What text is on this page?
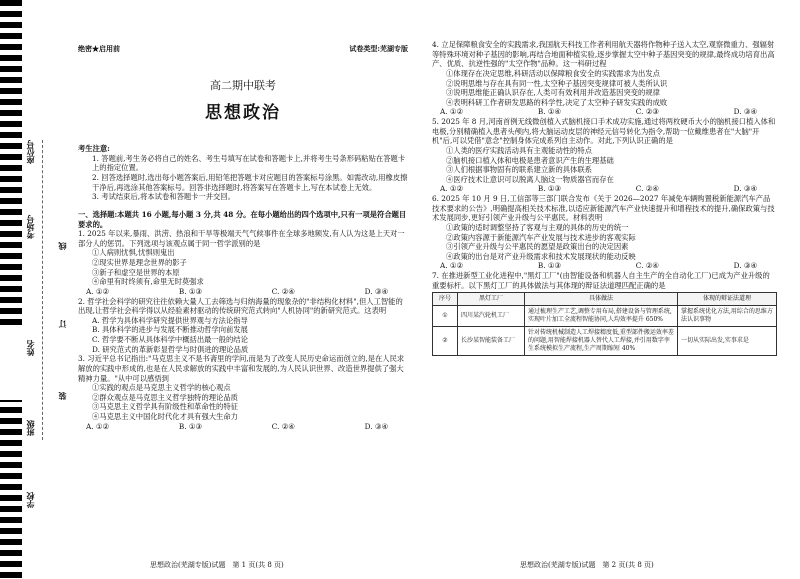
座位号
考场号
线
订
装
姓名
班级
学校
绝密★启用前	试卷类型:芜湖专版
高二期中联考
思想政治

考生注意:

1. 答题前,考生务必将自己的姓名、考生号填写在试卷和答题卡上,并将考生号条形码粘贴在答题卡上的指定位置。

2. 回答选择题时,选出每小题答案后,用铅笔把答题卡对应题目的答案标号涂黑。如需改动,用橡皮擦干净后,再选涂其他答案标号。回答非选择题时,将答案写在答题卡上,写在本试卷上无效。

3. 考试结束后,将本试卷和答题卡一并交回。

一、选择题:本题共 16 小题,每小题 3 分,共 48 分。在每小题给出的四个选项中,只有一项是符合题目要求的。

1. 2025 年以来,暴雨、洪涝、热浪和干旱等极端天气气候事件在全球多地频发,有人认为这是上天对一部分人的惩罚。下列选项与该观点属于同一哲学派别的是

①人病则忧惧,忧惧则鬼出

②现实世界是理念世界的影子

③新子和虚空是世界的本原

④命里有时终须有,命里无时莫强求

A. ①②	B. ①③	C. ②④	D. ③④

2. 哲学社会科学的研究往往依赖大量人工去筛选与归纳海量的现象杂的"非结构化材料",但人工智能的出现,让哲学社会科学得以从经验素材驱动的传统研究范式转向"人机协同"的新研究范式。这表明

A. 哲学为具体科学研究提供世界观与方法论指导

B. 具体科学的进步与发展不断推动哲学向前发展

C. 哲学要不断从具体科学中概括出最一般的结论

D. 研究范式的革新彰显哲学与时俱进的理论品质

3. 习近平总书记指出:"马克思主义不是书斋里的学问,而是为了改变人民历史命运而创立的,是在人民求解放的实践中形成的,也是在人民求解放的实践中丰富和发展的,为人民认识世界、改造世界提供了强大精神力量。"从中可以感悟到

①实践的观点是马克思主义哲学的核心观点

②群众观点是马克思主义哲学独特的理论品质

③马克思主义哲学具有阶级性和革命性的特征

④马克思主义中国化时代化才具有强大生命力

A. ①②	B. ①③	C. ②④	D. ③④

4. 立足保障粮食安全的实践需求,我国航天科技工作者利用航天器将作物种子送入太空,观察微重力、强辐射等特殊环境对种子基因的影响,再结合地面种植实验,逐步掌握太空中种子基因突变的规律,最终成功培育出高产、优质、抗逆性强的"太空作物"品种。这一科研过程

①体现存在决定思维,科研活动以保障粮食安全的实践需求为出发点

②说明思维与存在具有同一性,太空种子基因突变规律可被人类所认识

③说明思维能正确认识存在,人类可有效利用并改造基因突变的规律

④表明科研工作者研发思路的科学性,决定了太空种子研发实践的成败

A. ①②	B. ①④	C. ②③	D. ③④

5. 2025 年 8 月,河南首例无线微创植入式脑机接口手术成功实施,通过将两枚硬币大小的脑机接口植入体和电极,分别精确植入患者头颅内,将大脑运动皮层的神经元信号转化为指令,帮助一位戴维患者在"大脑"开机"后,可以凭借"意念"控制身体完成系列自主动作。对此,下列认识正确的是

①人类的医疗实践活动具有主观能动性的特点

②脑机接口植入体和电极是患者意识产生的生理基础

③人们根据事物固有的联系建立新的具体联系

④医疗技术让意识可以脱离人脑这一物质器官而存在

A. ①②	B. ①③	C. ②④	D. ③④

6. 2025 年 10 月 9 日,工信部等三部门联合发布《关于 2026—2027 年减免车辆购置税新能源汽车产品技术要求的公告》,明确提高相关技术标准,以适应新能源汽车产业快速提升和增程技术的提升,确保政策与技术发展同步,更好引领产业升级与公平惠民。材料表明

①政策的适时调整坚持了客观与主观的具体的历史的统一

②政策内容源于新能源汽车产业发展与技术进步的客观实际

③引领产业升级与公平惠民的愿望是政策出台的决定因素

④政策的出台是对产业升级需求和技术发展现状的能动反映

A. ①②	B. ①③	C. ②④	D. ③④

7. 在推进新型工业化进程中,"黑灯工厂"(由智能设备和机器人自主生产的全自动化工厂)已成为产业升级的重要标杆。以下黑灯工厂的具体做法与其体现的辩证法道理匹配正确的是

序号	黑灯工厂	具体做法	体现的辩证法道理
①	四川某汽轮机工厂	通过梳理生产工艺,调整专用布局,搭建设备与管理系统,实现叶片加工全流程智能协同,人均效率提升 650%	掌握系统优化方法,用综合的思维方法认识事物
②	长沙某智能装备工厂	针对传统机械制造人工焊接精度低,重型部件搬运效率差的问题,用智能焊接机器人替代人工焊接,并引用数字孪生系统模拟生产流程,生产周期缩短 40%	一切从实际出发,实事求是
思想政治(芜湖专版)试题　第 1 页(共 8 页)	思想政治(芜湖专版)试题　第 2 页(共 8 页)
